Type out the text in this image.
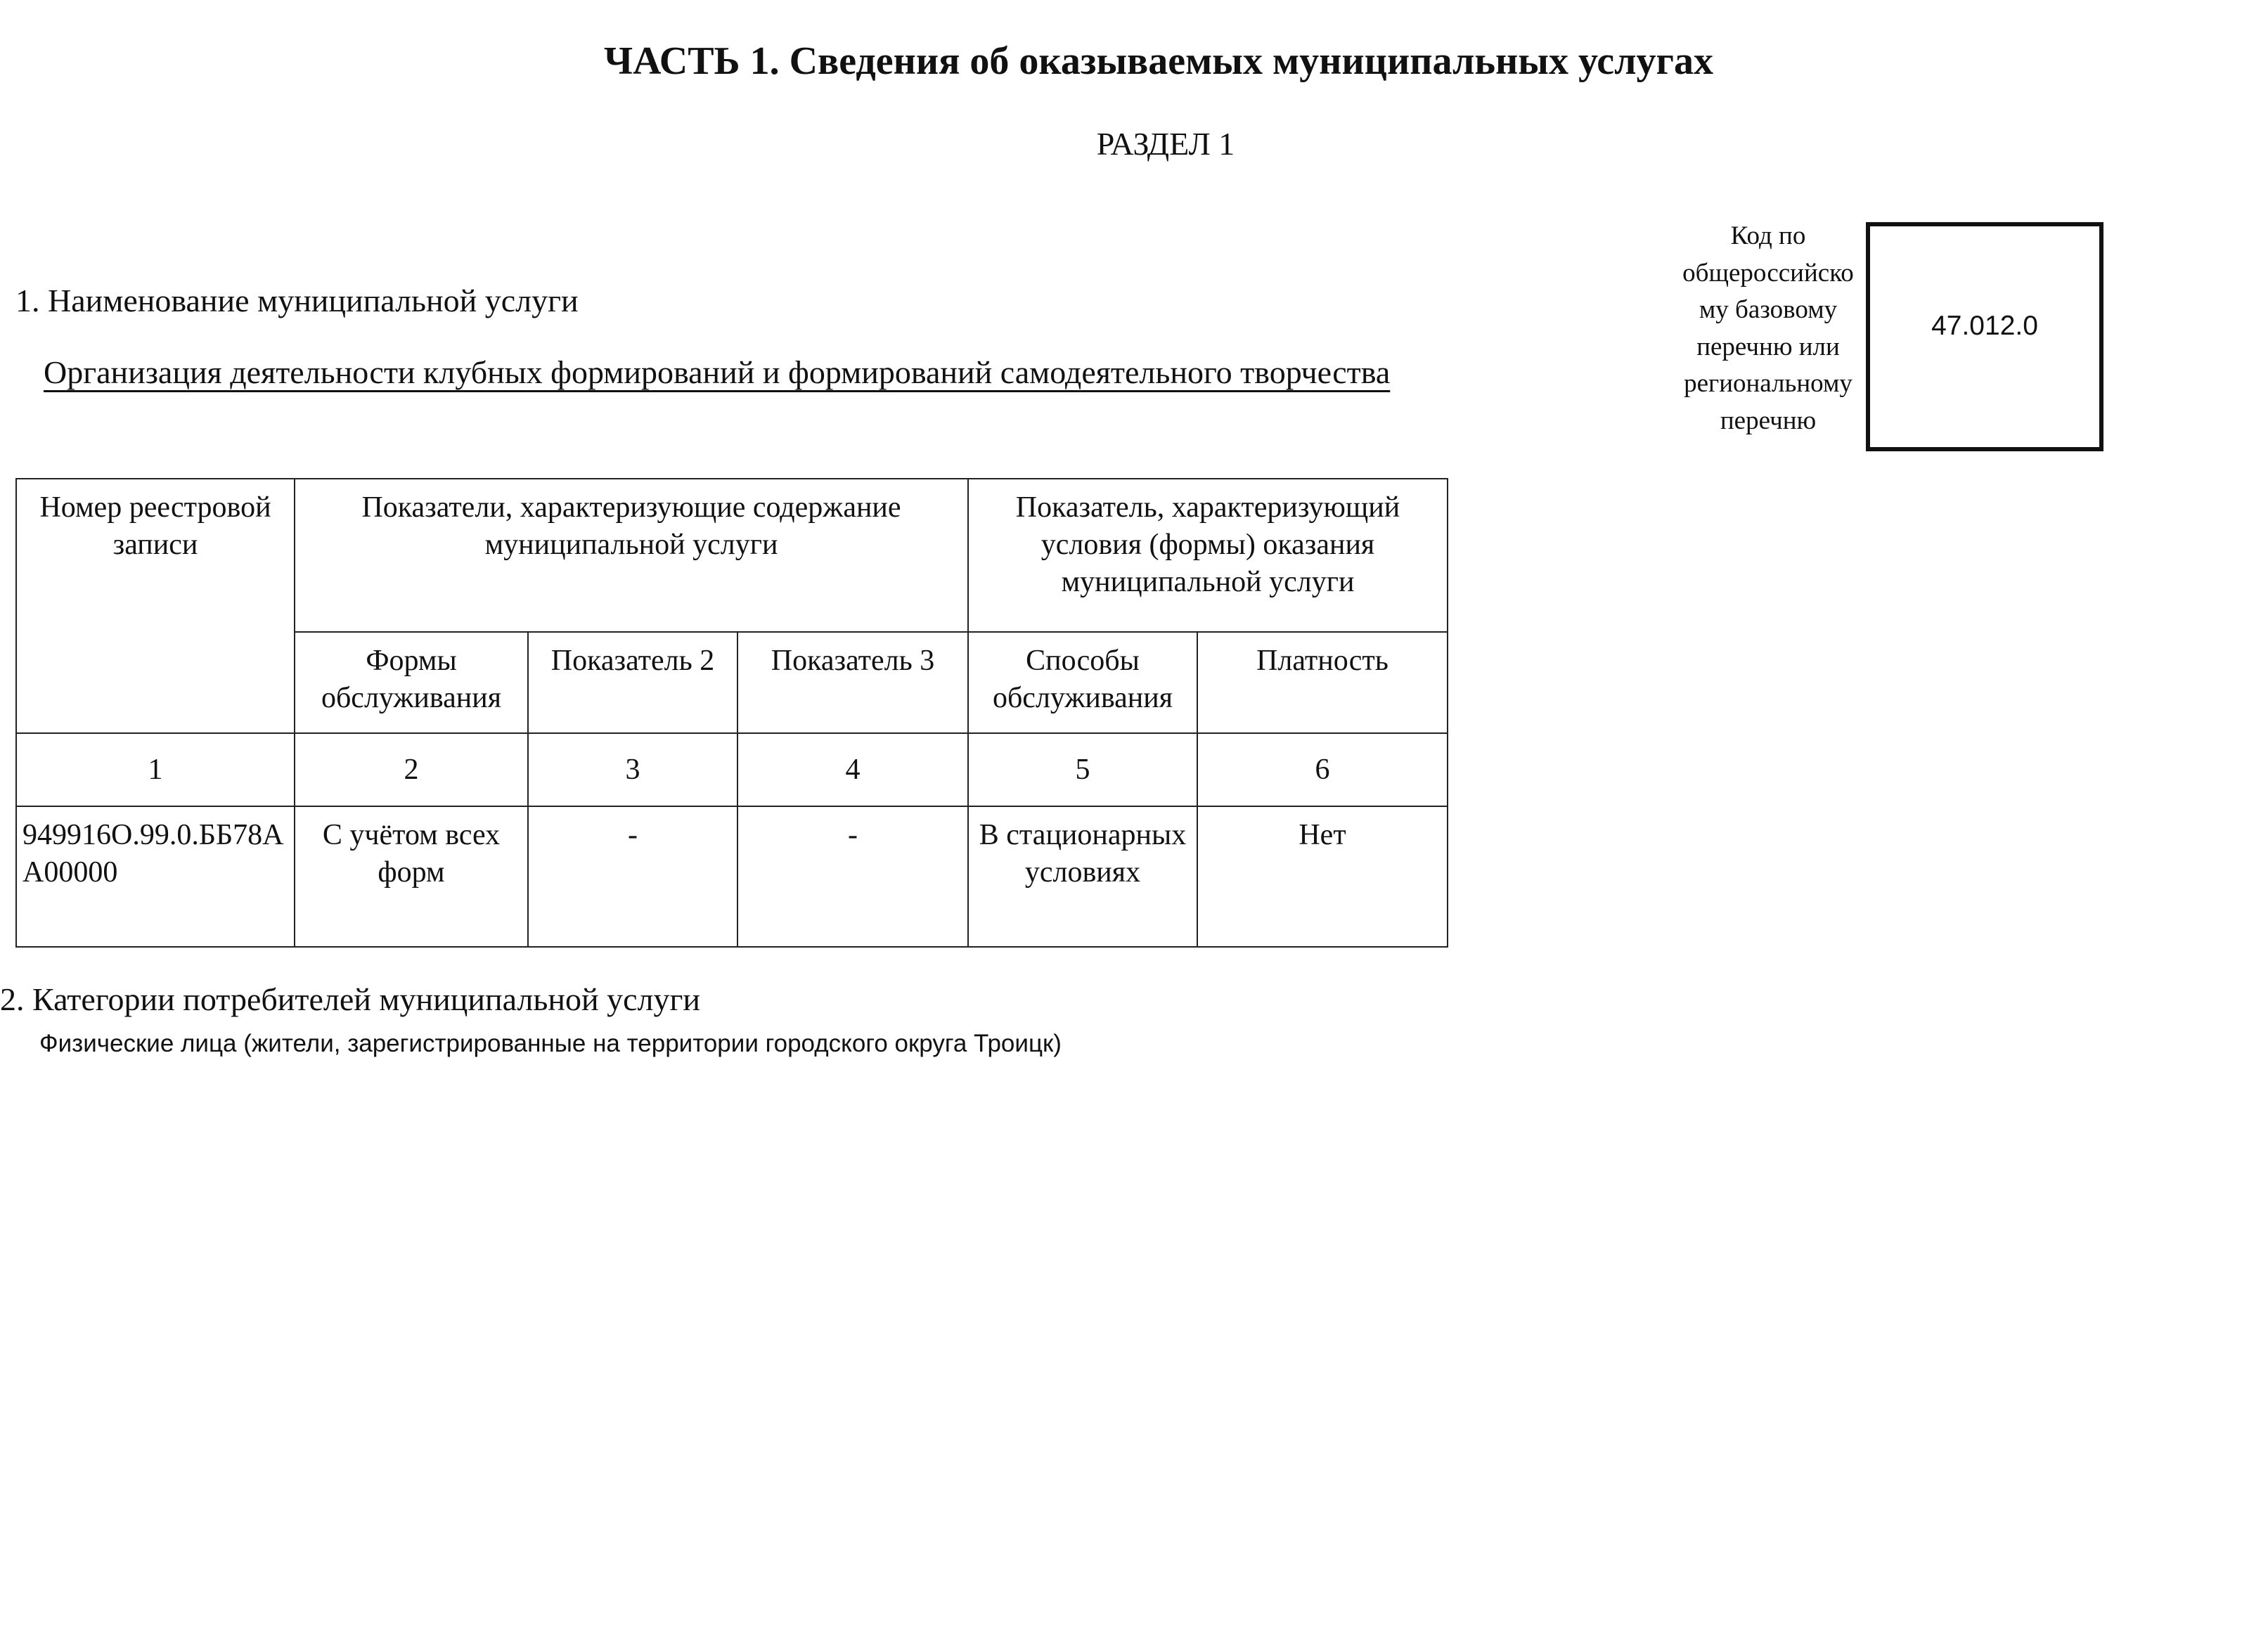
ЧАСТЬ 1. Сведения об оказываемых муниципальных услугах
РАЗДЕЛ 1
1. Наименование муниципальной услуги
Организация деятельности клубных формирований и формирований самодеятельного творчества
Код по
общероссийско
му базовому
перечню или
региональному
перечню
47.012.0
Номер реестровой записи	Показатели, характеризующие содержание муниципальной услуги			Показатель, характеризующий условия (формы) оказания муниципальной услуги	
	Формы обслуживания	Показатель 2	Показатель 3	Способы обслуживания	Платность
1	2	3	4	5	6
949916О.99.0.ББ78АА00000	С учётом всех форм	-	-	В стационарных условиях	Нет
2. Категории потребителей муниципальной услуги
Физические лица (жители, зарегистрированные на территории городского округа Троицк)
